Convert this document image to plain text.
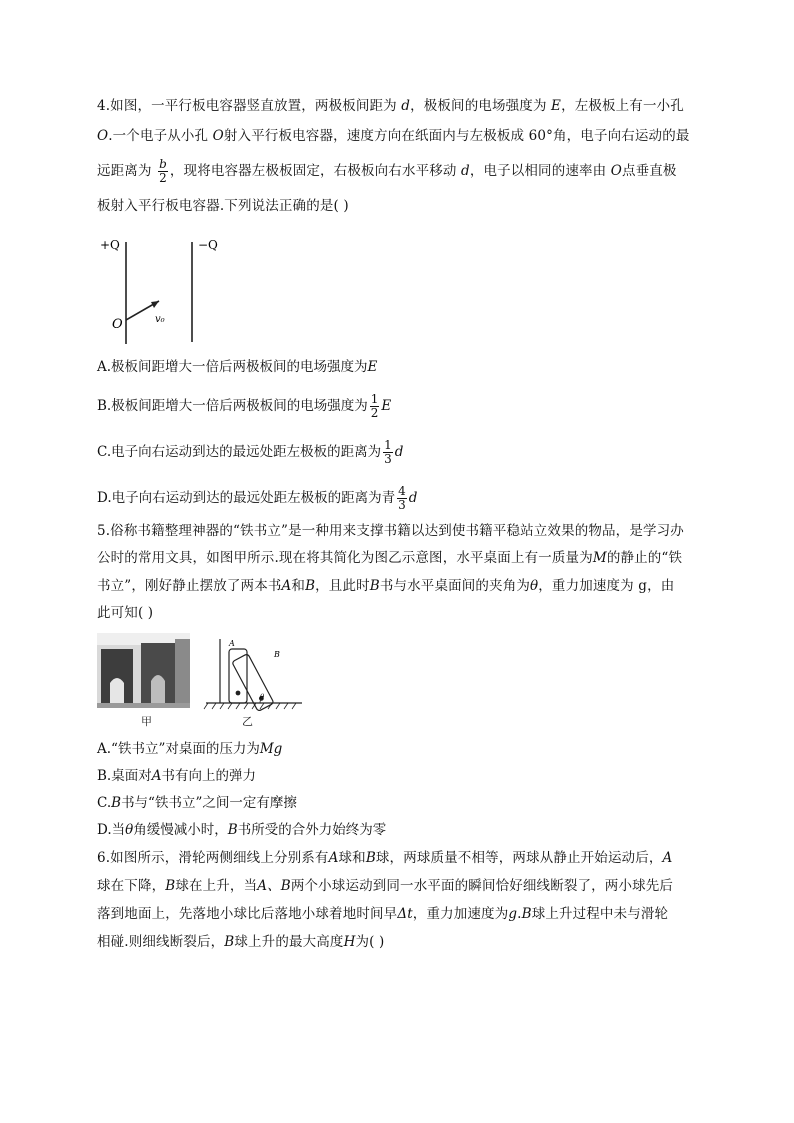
4.如图，一平行板电容器竖直放置，两极板间距为 d，极板间的电场强度为 E，左极板上有一小孔
O.一个电子从小孔 O射入平行板电容器，速度方向在纸面内与左极板成 60°角，电子向右运动的最
远距离为 $\frac{b}{2}$ ，现将电容器左极板固定，右极板向右水平移动 d，电子以相同的速率由 O点垂直极
板射入平行板电容器.下列说法正确的是( )
+Q	−Q
O	v₀
A.极板间距增大一倍后两极板间的电场强度为E
B.极板间距增大一倍后两极板间的电场强度为 $\frac{1}{2}$ E
C.电子向右运动到达的最远处距左极板的距离为 $\frac{1}{3}$ d
D.电子向右运动到达的最远处距左极板的距离为青 $\frac{4}{3}$ d
5.俗称书籍整理神器的“铁书立”是一种用来支撑书籍以达到使书籍平稳站立效果的物品，是学习办
公时的常用文具，如图甲所示.现在将其简化为图乙示意图，水平桌面上有一质量为M的静止的“铁
书立”，刚好静止摆放了两本书A和B，且此时B书与水平桌面间的夹角为θ，重力加速度为 g，由
此可知( )
甲
A
B
θ
乙
A.“铁书立”对桌面的压力为Mg
B.桌面对A书有向上的弹力
C.B书与“铁书立”之间一定有摩擦
D.当θ角缓慢减小时，B书所受的合外力始终为零
6.如图所示，滑轮两侧细线上分别系有A球和B球，两球质量不相等，两球从静止开始运动后，A
球在下降，B球在上升，当A、B两个小球运动到同一水平面的瞬间恰好细线断裂了，两小球先后
落到地面上，先落地小球比后落地小球着地时间早Δt，重力加速度为g.B球上升过程中未与滑轮
相碰.则细线断裂后，B球上升的最大高度H为( )
